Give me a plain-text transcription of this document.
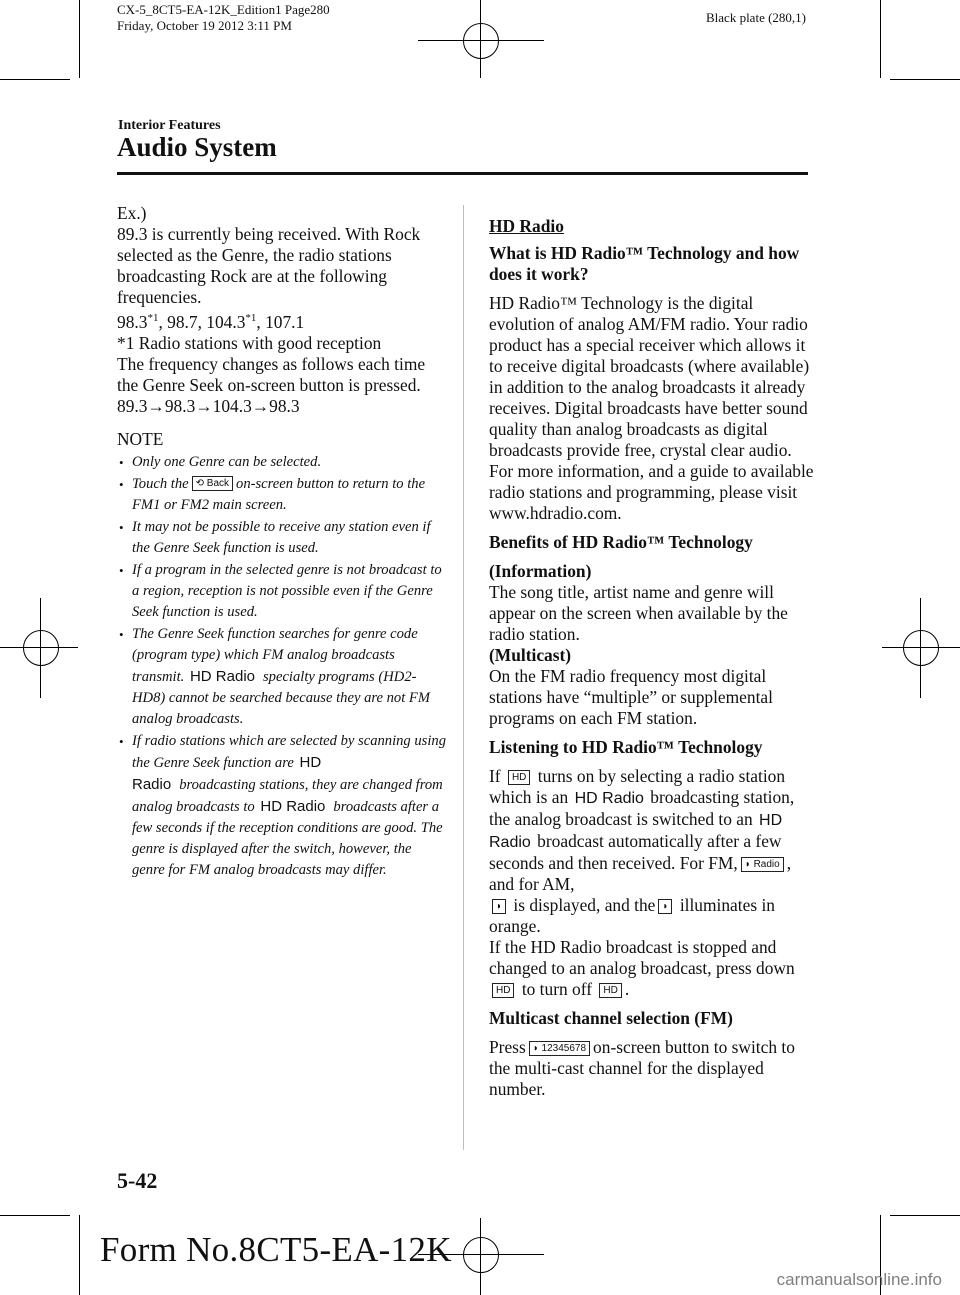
CX-5_8CT5-EA-12K_Edition1 Page280
Friday, October 19 2012 3:11 PM
Black plate (280,1)
Interior Features
Audio System

Ex.)

89.3 is currently being received. With Rock selected as the Genre, the radio stations broadcasting Rock are at the following frequencies.

98.3$^{*1}$, 98.7, 104.3$^{*1}$, 107.1

*1 Radio stations with good reception

The frequency changes as follows each time the Genre Seek on-screen button is pressed.

89.3→98.3→104.3→98.3

NOTE

• Only one Genre can be selected.
• Touch the ⟲ Back on-screen button to return to the FM1 or FM2 main screen.
• It may not be possible to receive any station even if the Genre Seek function is used.
• If a program in the selected genre is not broadcast to a region, reception is not possible even if the Genre Seek function is used.
• The Genre Seek function searches for genre code (program type) which FM analog broadcasts transmit. HD Radio specialty programs (HD2-HD8) cannot be searched because they are not FM analog broadcasts.
• If radio stations which are selected by scanning using the Genre Seek function are HD Radio broadcasting stations, they are changed from analog broadcasts to HD Radio broadcasts after a few seconds if the reception conditions are good. The genre is displayed after the switch, however, the genre for FM analog broadcasts may differ.

HD Radio

What is HD Radio™ Technology and how does it work?

HD Radio™ Technology is the digital evolution of analog AM/FM radio. Your radio product has a special receiver which allows it to receive digital broadcasts (where available) in addition to the analog broadcasts it already receives. Digital broadcasts have better sound quality than analog broadcasts as digital broadcasts provide free, crystal clear audio. For more information, and a guide to available radio stations and programming, please visit www.hdradio.com.

Benefits of HD Radio™ Technology

(Information)

The song title, artist name and genre will appear on the screen when available by the radio station.

(Multicast)

On the FM radio frequency most digital stations have “multiple” or supplemental programs on each FM station.

Listening to HD Radio™ Technology

If HD turns on by selecting a radio station which is an HD Radio broadcasting station, the analog broadcast is switched to an HD Radio broadcast automatically after a few seconds and then received. For FM, ◗ Radio , and for AM,
◗ is displayed, and the ◗ illuminates in orange.

If the HD Radio broadcast is stopped and changed to an analog broadcast, press down HD to turn off HD .

Multicast channel selection (FM)

Press ◗ 12345678 on-screen button to switch to the multi-cast channel for the displayed number.

5-42
Form No.8CT5-EA-12K
carmanualsonline.info
